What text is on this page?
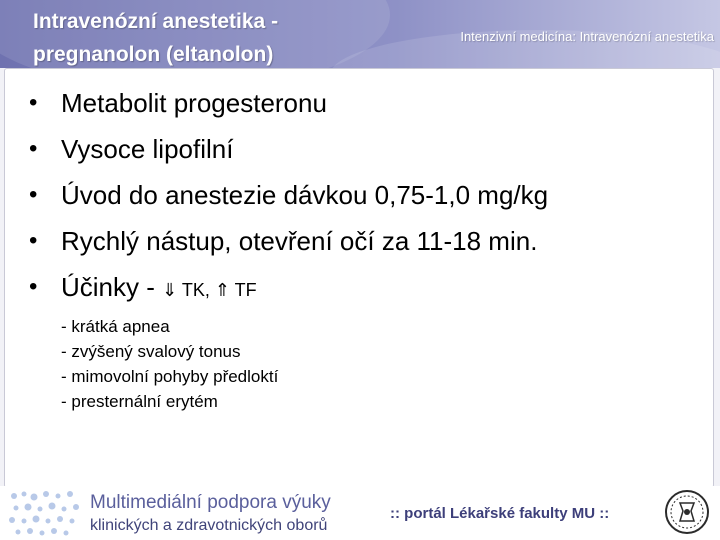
Intravenózní anestetika -
pregnanolon (eltanolon)
Intenzivní medicína: Intravenózní anestetika
• Metabolit progesteronu
• Vysoce lipofilní
• Úvod do anestezie dávkou 0,75-1,0 mg/kg
• Rychlý nástup, otevření očí za 11-18 min.
• Účinky - ⇓ TK, ⇑ TF
- krátká apnea
- zvýšený svalový tonus
- mimovolní pohyby předloktí
- presternální erytém
Multimediální podpora výuky
klinických a zdravotnických oborů
:: portál Lékařské fakulty MU ::
